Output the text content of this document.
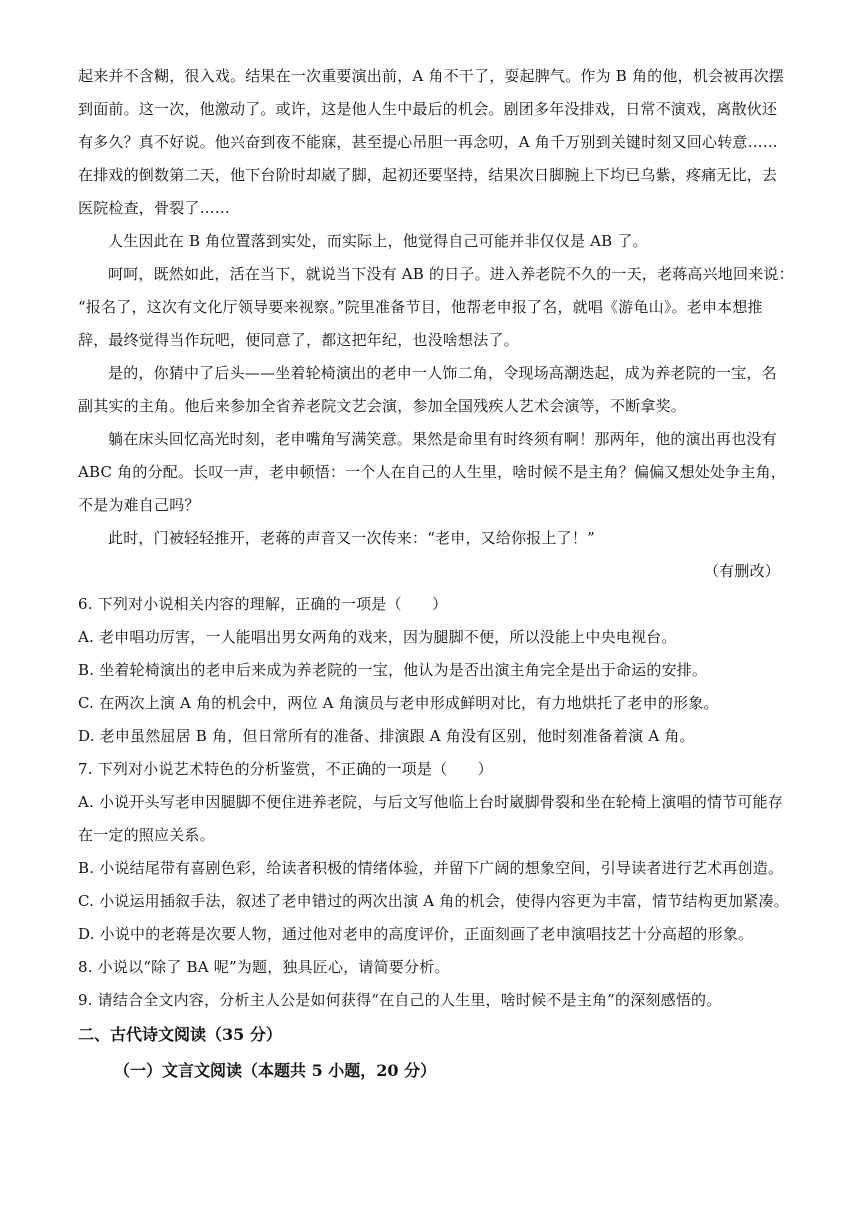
起来并不含糊，很入戏。结果在一次重要演出前，A 角不干了，耍起脾气。作为 B 角的他，机会被再次摆
到面前。这一次，他激动了。或许，这是他人生中最后的机会。剧团多年没排戏，日常不演戏，离散伙还
有多久？真不好说。他兴奋到夜不能寐，甚至提心吊胆一再念叨，A 角千万别到关键时刻又回心转意……
在排戏的倒数第二天，他下台阶时却崴了脚，起初还要坚持，结果次日脚腕上下均已乌紫，疼痛无比，去
医院检查，骨裂了……
人生因此在 B 角位置落到实处，而实际上，他觉得自己可能并非仅仅是 AB 了。
呵呵，既然如此，活在当下，就说当下没有 AB 的日子。进入养老院不久的一天，老蒋高兴地回来说：
“报名了，这次有文化厅领导要来视察。”院里准备节目，他帮老申报了名，就唱《游龟山》。老申本想推
辞，最终觉得当作玩吧，便同意了，都这把年纪，也没啥想法了。
是的，你猜中了后头——坐着轮椅演出的老申一人饰二角，令现场高潮迭起，成为养老院的一宝，名
副其实的主角。他后来参加全省养老院文艺会演，参加全国残疾人艺术会演等，不断拿奖。
躺在床头回忆高光时刻，老申嘴角写满笑意。果然是命里有时终须有啊！那两年，他的演出再也没有
ABC 角的分配。长叹一声，老申顿悟：一个人在自己的人生里，啥时候不是主角？偏偏又想处处争主角，
不是为难自己吗？
此时，门被轻轻推开，老蒋的声音又一次传来：“老申，又给你报上了！”
（有删改）
6. 下列对小说相关内容的理解，正确的一项是（　　）
A. 老申唱功厉害，一人能唱出男女两角的戏来，因为腿脚不便，所以没能上中央电视台。
B. 坐着轮椅演出的老申后来成为养老院的一宝，他认为是否出演主角完全是出于命运的安排。
C. 在两次上演 A 角的机会中，两位 A 角演员与老申形成鲜明对比，有力地烘托了老申的形象。
D. 老申虽然屈居 B 角，但日常所有的准备、排演跟 A 角没有区别，他时刻准备着演 A 角。
7. 下列对小说艺术特色的分析鉴赏，不正确的一项是（　　）
A. 小说开头写老申因腿脚不便住进养老院，与后文写他临上台时崴脚骨裂和坐在轮椅上演唱的情节可能存
在一定的照应关系。
B. 小说结尾带有喜剧色彩，给读者积极的情绪体验，并留下广阔的想象空间，引导读者进行艺术再创造。
C. 小说运用插叙手法，叙述了老申错过的两次出演 A 角的机会，使得内容更为丰富，情节结构更加紧凑。
D. 小说中的老蒋是次要人物，通过他对老申的高度评价，正面刻画了老申演唱技艺十分高超的形象。
8. 小说以“除了 BA 呢”为题，独具匠心，请简要分析。
9. 请结合全文内容，分析主人公是如何获得“在自己的人生里，啥时候不是主角”的深刻感悟的。
二、古代诗文阅读（35 分）
（一）文言文阅读（本题共 5 小题，20 分）
